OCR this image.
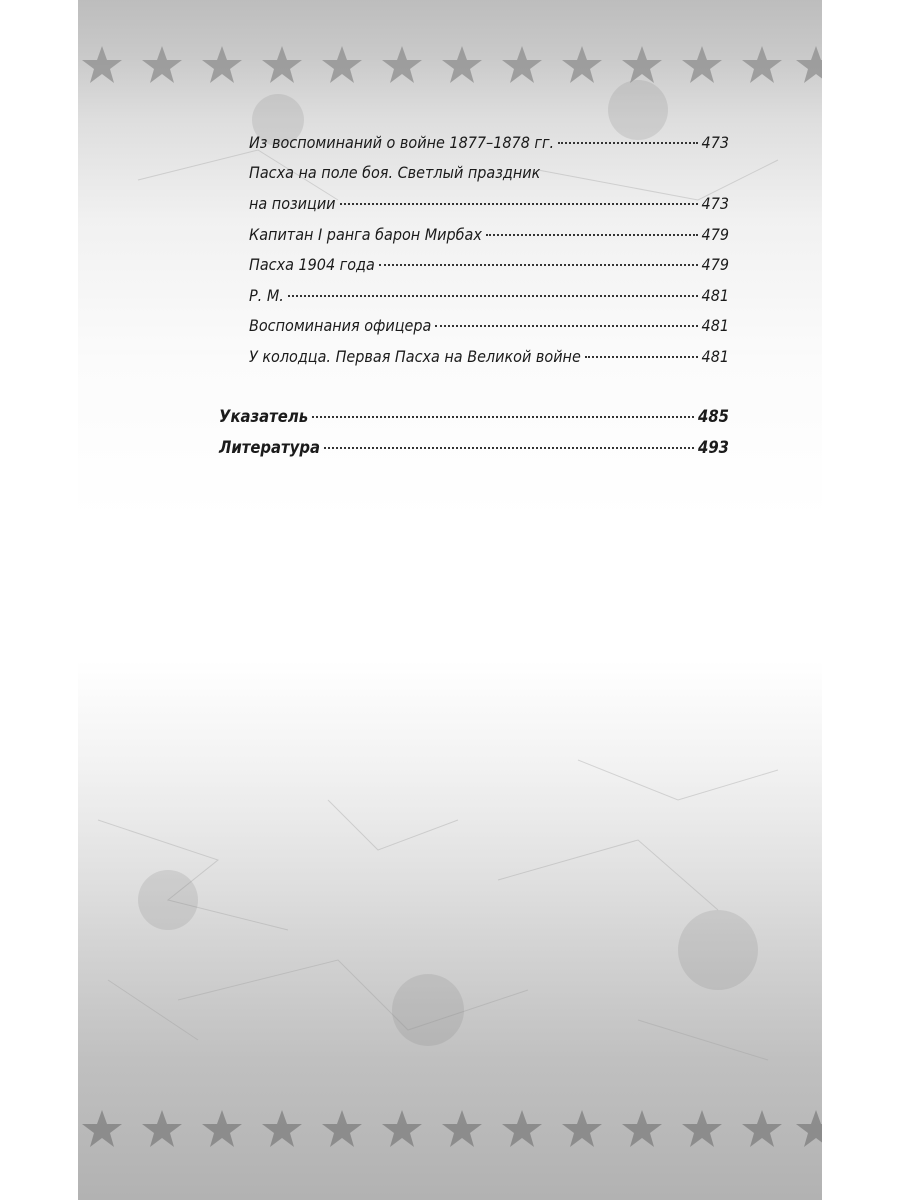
Из воспоминаний о войне 1877–1878 гг.	473
Пасха на поле боя. Светлый праздник
на позиции	473
Капитан I ранга барон Мирбах	479
Пасха 1904 года	479
Р. М.	481
Воспоминания офицера	481
У колодца. Первая Пасха на Великой войне	481
Указатель	485
Литература	493
